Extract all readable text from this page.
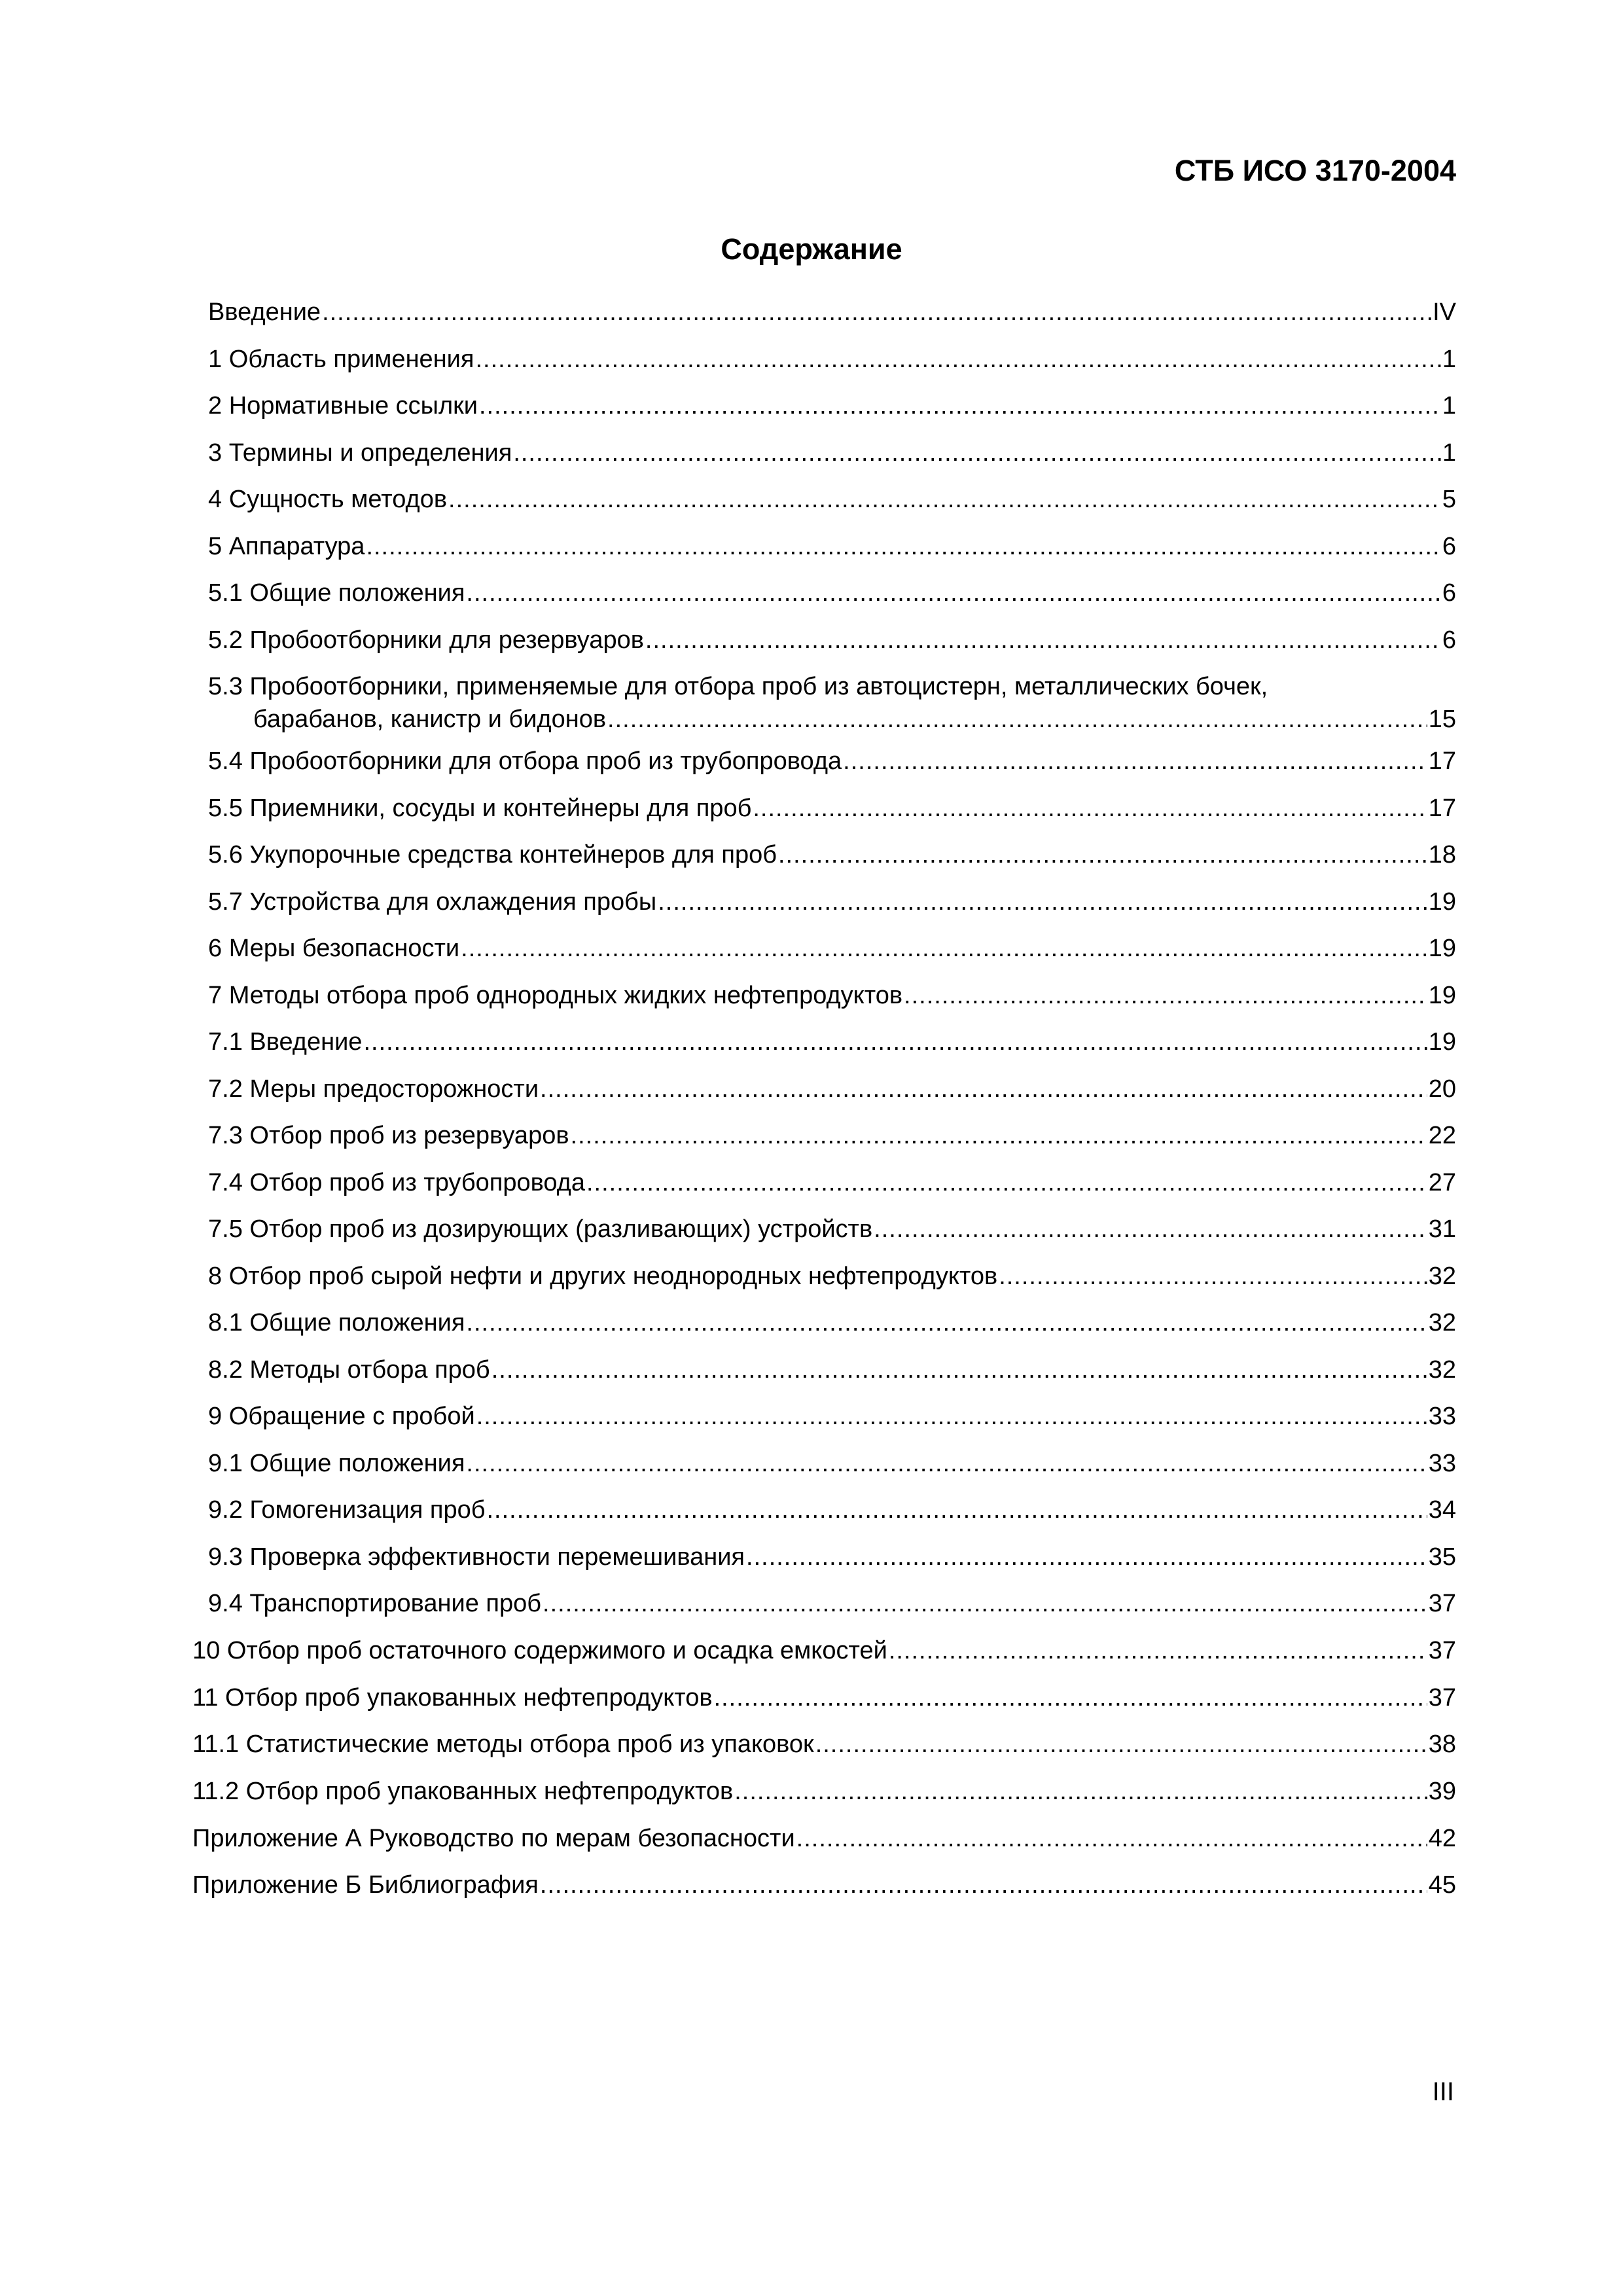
СТБ ИСО 3170-2004
Содержание
Введение .....	IV
1 Область применения .....	1
2 Нормативные ссылки .....	1
3 Термины и определения .....	1
4 Сущность методов .....	5
5 Аппаратура .....	6
5.1 Общие положения .....	6
5.2 Пробоотборники для резервуаров .....	6
5.3 Пробоотборники, применяемые для отбора проб из автоцистерн, металлических бочек,
барабанов, канистр и бидонов .....	15
5.4 Пробоотборники для отбора проб из трубопровода .....	17
5.5 Приемники, сосуды и контейнеры для проб .....	17
5.6 Укупорочные средства контейнеров для проб .....	18
5.7 Устройства для охлаждения пробы .....	19
6 Меры безопасности .....	19
7 Методы отбора проб однородных жидких нефтепродуктов .....	19
7.1 Введение .....	19
7.2 Меры предосторожности .....	20
7.3 Отбор проб из резервуаров .....	22
7.4 Отбор проб из трубопровода .....	27
7.5 Отбор проб из дозирующих (разливающих) устройств .....	31
8 Отбор проб сырой нефти и других неоднородных нефтепродуктов .....	32
8.1 Общие положения .....	32
8.2 Методы отбора проб .....	32
9 Обращение с пробой .....	33
9.1 Общие положения .....	33
9.2 Гомогенизация проб .....	34
9.3 Проверка эффективности перемешивания .....	35
9.4 Транспортирование проб .....	37
10 Отбор проб остаточного содержимого и осадка емкостей .....	37
11 Отбор проб упакованных нефтепродуктов .....	37
11.1 Статистические методы отбора проб из упаковок .....	38
11.2 Отбор проб упакованных нефтепродуктов .....	39
Приложение А Руководство по мерам безопасности .....	42
Приложение Б Библиография .....	45
III
